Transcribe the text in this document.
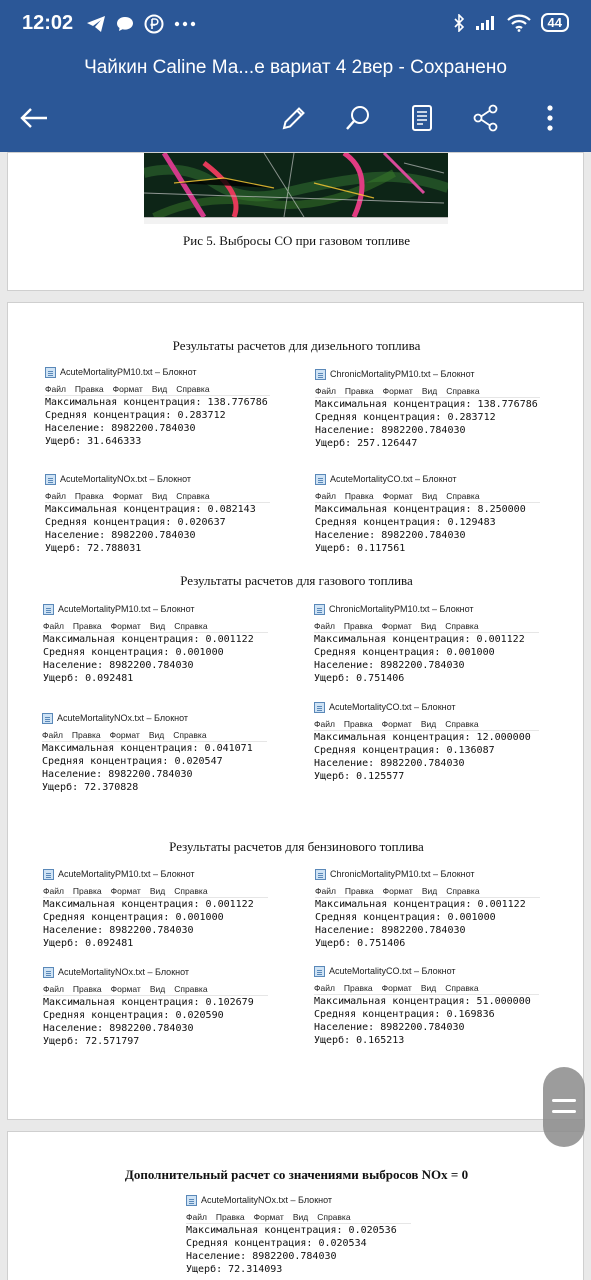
12:02	44
Чайкин Caline Ма...е вариат 4 2вер - Сохранено
Рис 5. Выбросы СО при газовом топливе
Результаты расчетов для дизельного топлива
AcuteMortalityPM10.txt – Блокнот
Файл Правка Формат Вид Справка
Максимальная концентрация: 138.776786
Средняя концентрация: 0.283712
Население: 8982200.784030
Ущерб: 31.646333
ChronicMortalityPM10.txt – Блокнот
Файл Правка Формат Вид Справка
Максимальная концентрация: 138.776786
Средняя концентрация: 0.283712
Население: 8982200.784030
Ущерб: 257.126447
AcuteMortalityNOx.txt – Блокнот
Файл Правка Формат Вид Справка
Максимальная концентрация: 0.082143
Средняя концентрация: 0.020637
Население: 8982200.784030
Ущерб: 72.788031
AcuteMortalityCO.txt – Блокнот
Файл Правка Формат Вид Справка
Максимальная концентрация: 8.250000
Средняя концентрация: 0.129483
Население: 8982200.784030
Ущерб: 0.117561
Результаты расчетов для газового топлива
AcuteMortalityPM10.txt – Блокнот
Файл Правка Формат Вид Справка
Максимальная концентрация: 0.001122
Средняя концентрация: 0.001000
Население: 8982200.784030
Ущерб: 0.092481
ChronicMortalityPM10.txt – Блокнот
Файл Правка Формат Вид Справка
Максимальная концентрация: 0.001122
Средняя концентрация: 0.001000
Население: 8982200.784030
Ущерб: 0.751406
AcuteMortalityNOx.txt – Блокнот
Файл Правка Формат Вид Справка
Максимальная концентрация: 0.041071
Средняя концентрация: 0.020547
Население: 8982200.784030
Ущерб: 72.370828
AcuteMortalityCO.txt – Блокнот
Файл Правка Формат Вид Справка
Максимальная концентрация: 12.000000
Средняя концентрация: 0.136087
Население: 8982200.784030
Ущерб: 0.125577
Результаты расчетов для бензинового топлива
AcuteMortalityPM10.txt – Блокнот
Файл Правка Формат Вид Справка
Максимальная концентрация: 0.001122
Средняя концентрация: 0.001000
Население: 8982200.784030
Ущерб: 0.092481
ChronicMortalityPM10.txt – Блокнот
Файл Правка Формат Вид Справка
Максимальная концентрация: 0.001122
Средняя концентрация: 0.001000
Население: 8982200.784030
Ущерб: 0.751406
AcuteMortalityNOx.txt – Блокнот
Файл Правка Формат Вид Справка
Максимальная концентрация: 0.102679
Средняя концентрация: 0.020590
Население: 8982200.784030
Ущерб: 72.571797
AcuteMortalityCO.txt – Блокнот
Файл Правка Формат Вид Справка
Максимальная концентрация: 51.000000
Средняя концентрация: 0.169836
Население: 8982200.784030
Ущерб: 0.165213
Дополнительный расчет со значениями выбросов NOx = 0
AcuteMortalityNOx.txt – Блокнот
Файл Правка Формат Вид Справка
Максимальная концентрация: 0.020536
Средняя концентрация: 0.020534
Население: 8982200.784030
Ущерб: 72.314093
